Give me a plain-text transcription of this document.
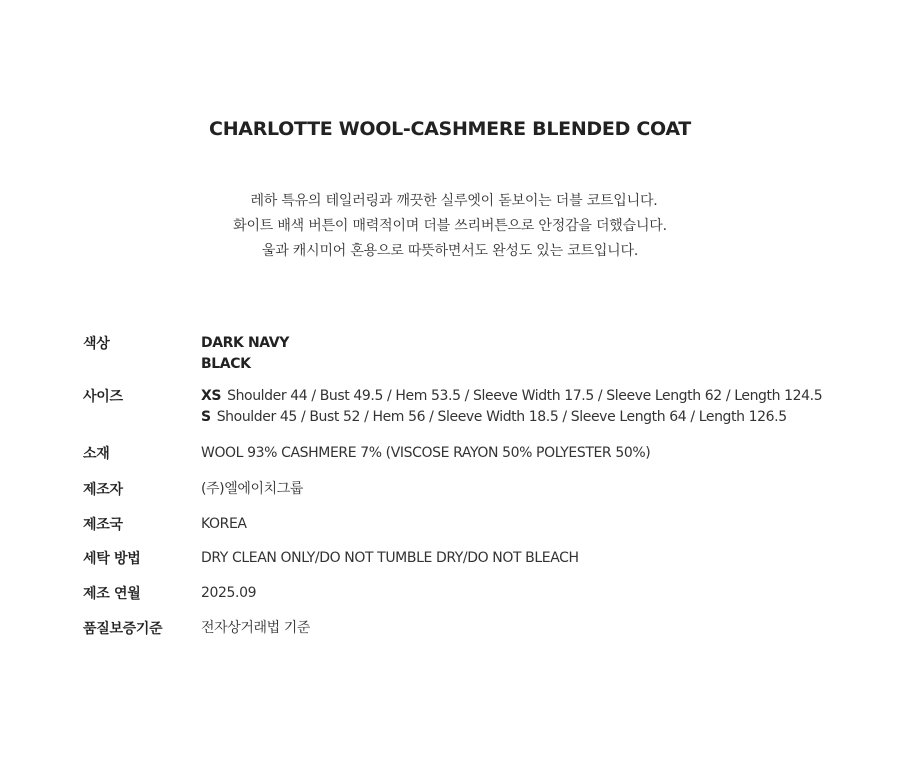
CHARLOTTE WOOL-CASHMERE BLENDED COAT
레하 특유의 테일러링과 깨끗한 실루엣이 돋보이는 더블 코트입니다.
화이트 배색 버튼이 매력적이며 더블 쓰리버튼으로 안정감을 더했습니다.
울과 캐시미어 혼용으로 따뜻하면서도 완성도 있는 코트입니다.
색상	DARK NAVY
BLACK
사이즈	XS Shoulder 44 / Bust 49.5 / Hem 53.5 / Sleeve Width 17.5 / Sleeve Length 62 / Length 124.5
S Shoulder 45 / Bust 52 / Hem 56 / Sleeve Width 18.5 / Sleeve Length 64 / Length 126.5
소재	WOOL 93% CASHMERE 7% (VISCOSE RAYON 50% POLYESTER 50%)
제조자	(주)엘에이치그룹
제조국	KOREA
세탁 방법	DRY CLEAN ONLY/DO NOT TUMBLE DRY/DO NOT BLEACH
제조 연월	2025.09
품질보증기준	전자상거래법 기준
